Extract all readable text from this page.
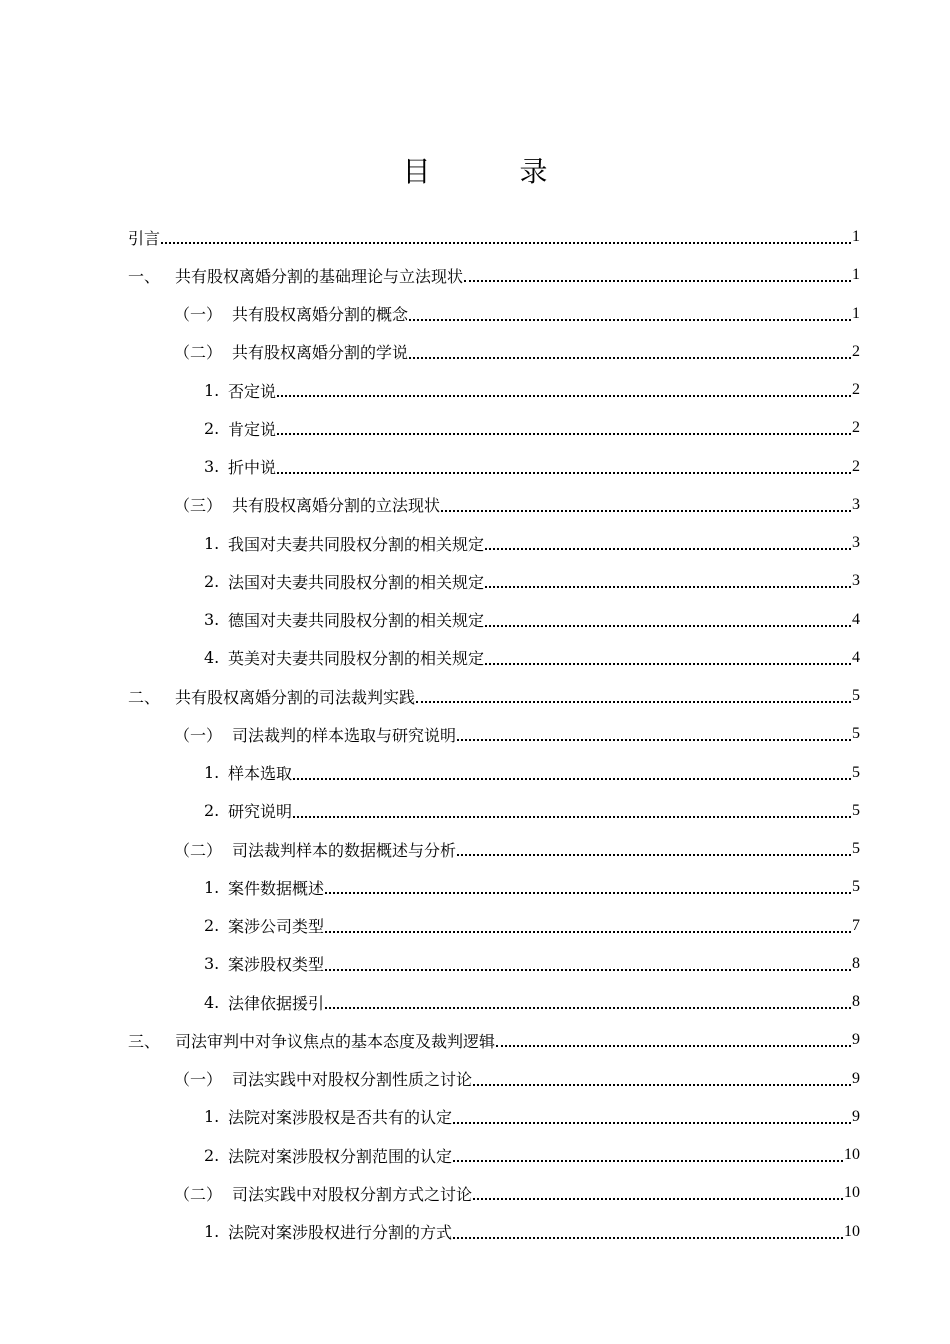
目 录
引言	1
一、 共有股权离婚分割的基础理论与立法现状	1
（一） 共有股权离婚分割的概念	1
（二） 共有股权离婚分割的学说	2
1. 否定说	2
2. 肯定说	2
3. 折中说	2
（三） 共有股权离婚分割的立法现状	3
1. 我国对夫妻共同股权分割的相关规定	3
2. 法国对夫妻共同股权分割的相关规定	3
3. 德国对夫妻共同股权分割的相关规定	4
4. 英美对夫妻共同股权分割的相关规定	4
二、 共有股权离婚分割的司法裁判实践	5
（一） 司法裁判的样本选取与研究说明	5
1. 样本选取	5
2. 研究说明	5
（二） 司法裁判样本的数据概述与分析	5
1. 案件数据概述	5
2. 案涉公司类型	7
3. 案涉股权类型	8
4. 法律依据援引	8
三、 司法审判中对争议焦点的基本态度及裁判逻辑	9
（一） 司法实践中对股权分割性质之讨论	9
1. 法院对案涉股权是否共有的认定	9
2. 法院对案涉股权分割范围的认定	10
（二） 司法实践中对股权分割方式之讨论	10
1. 法院对案涉股权进行分割的方式	10
